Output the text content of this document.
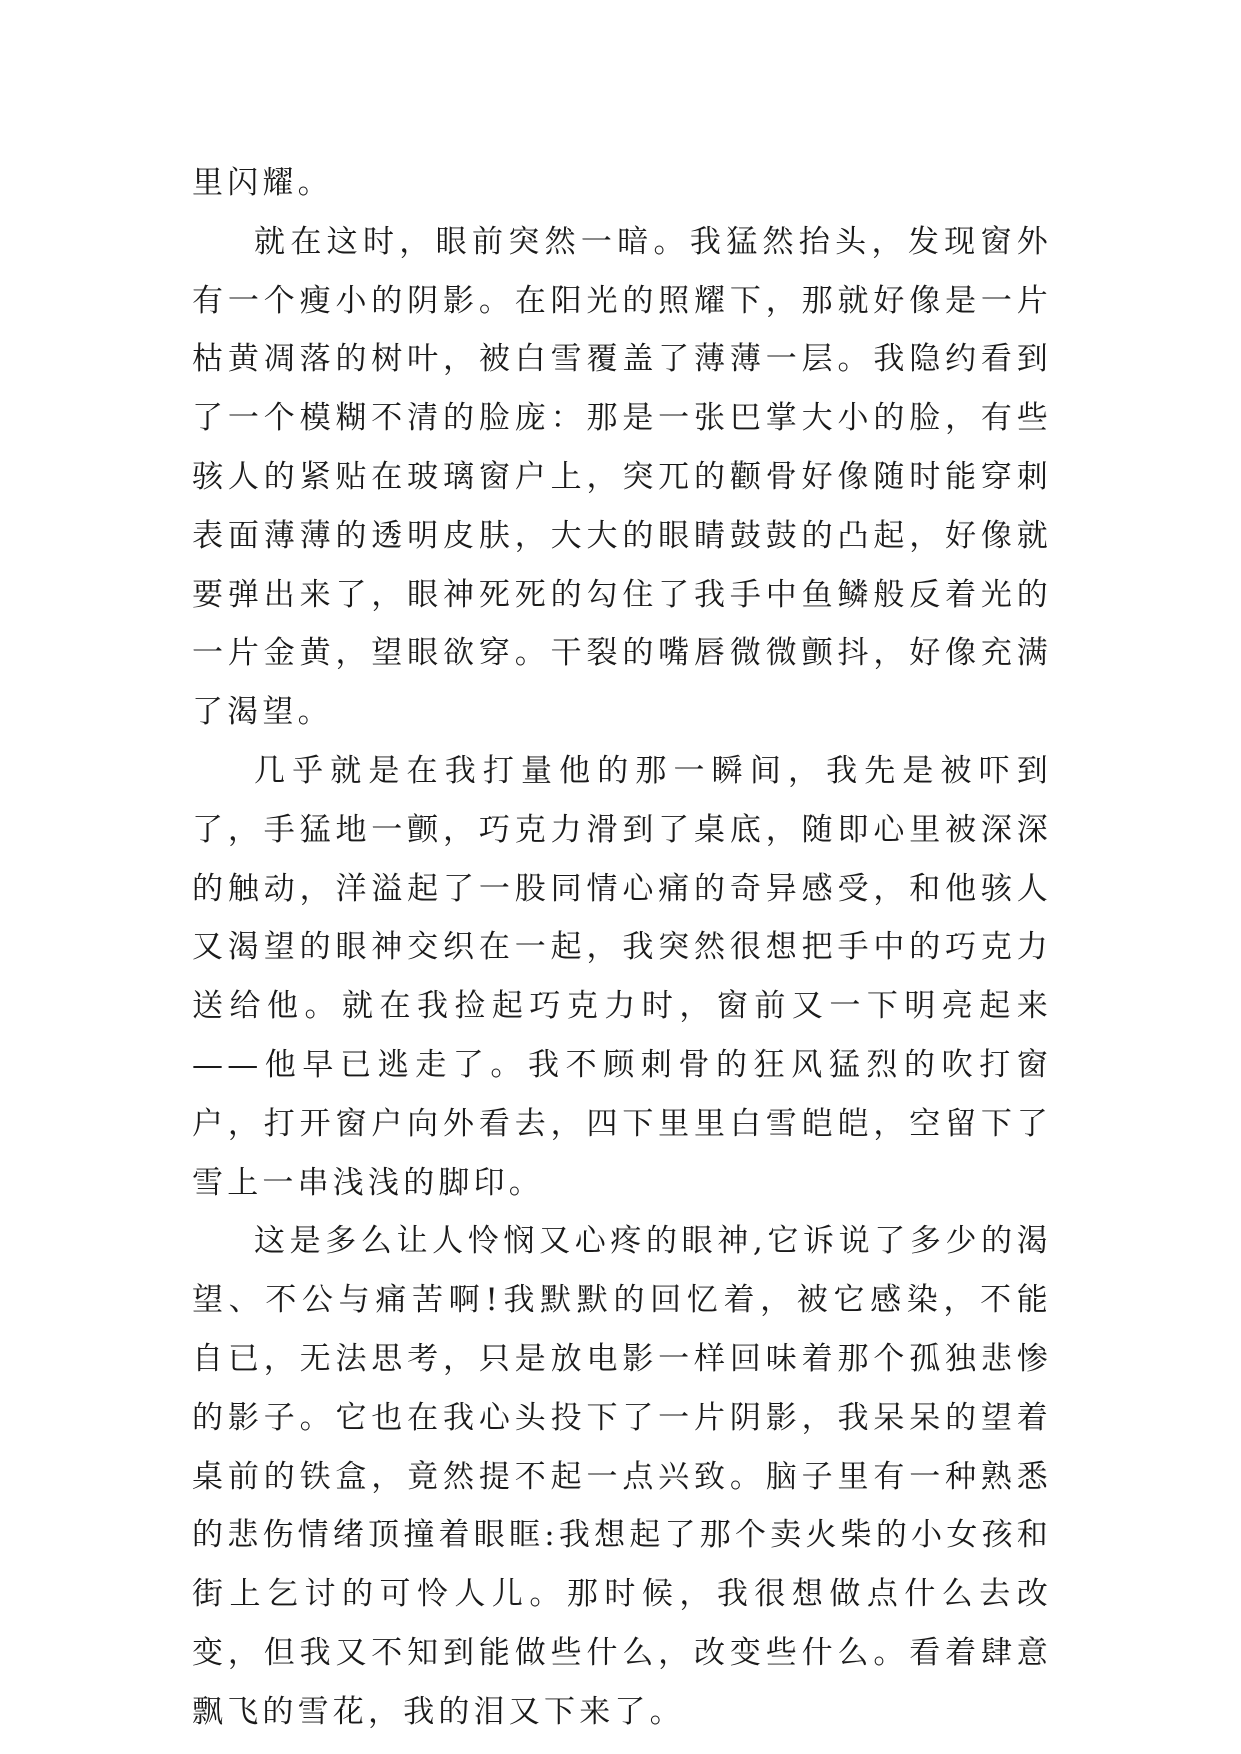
里闪耀。

就在这时，眼前突然一暗。我猛然抬头，发现窗外有一个瘦小的阴影。在阳光的照耀下，那就好像是一片枯黄凋落的树叶，被白雪覆盖了薄薄一层。我隐约看到了一个模糊不清的脸庞：那是一张巴掌大小的脸，有些骇人的紧贴在玻璃窗户上，突兀的颧骨好像随时能穿刺表面薄薄的透明皮肤，大大的眼睛鼓鼓的凸起，好像就要弹出来了，眼神死死的勾住了我手中鱼鳞般反着光的一片金黄，望眼欲穿。干裂的嘴唇微微颤抖，好像充满了渴望。

几乎就是在我打量他的那一瞬间，我先是被吓到了，手猛地一颤，巧克力滑到了桌底，随即心里被深深的触动，洋溢起了一股同情心痛的奇异感受，和他骇人又渴望的眼神交织在一起，我突然很想把手中的巧克力送给他。就在我捡起巧克力时，窗前又一下明亮起来——他早已逃走了。我不顾刺骨的狂风猛烈的吹打窗户，打开窗户向外看去，四下里里白雪皑皑，空留下了雪上一串浅浅的脚印。

这是多么让人怜悯又心疼的眼神,它诉说了多少的渴望、不公与痛苦啊!我默默的回忆着，被它感染，不能自已，无法思考，只是放电影一样回味着那个孤独悲惨的影子。它也在我心头投下了一片阴影，我呆呆的望着桌前的铁盒，竟然提不起一点兴致。脑子里有一种熟悉的悲伤情绪顶撞着眼眶:我想起了那个卖火柴的小女孩和街上乞讨的可怜人儿。那时候，我很想做点什么去改变，但我又不知到能做些什么，改变些什么。看着肆意飘飞的雪花，我的泪又下来了。
